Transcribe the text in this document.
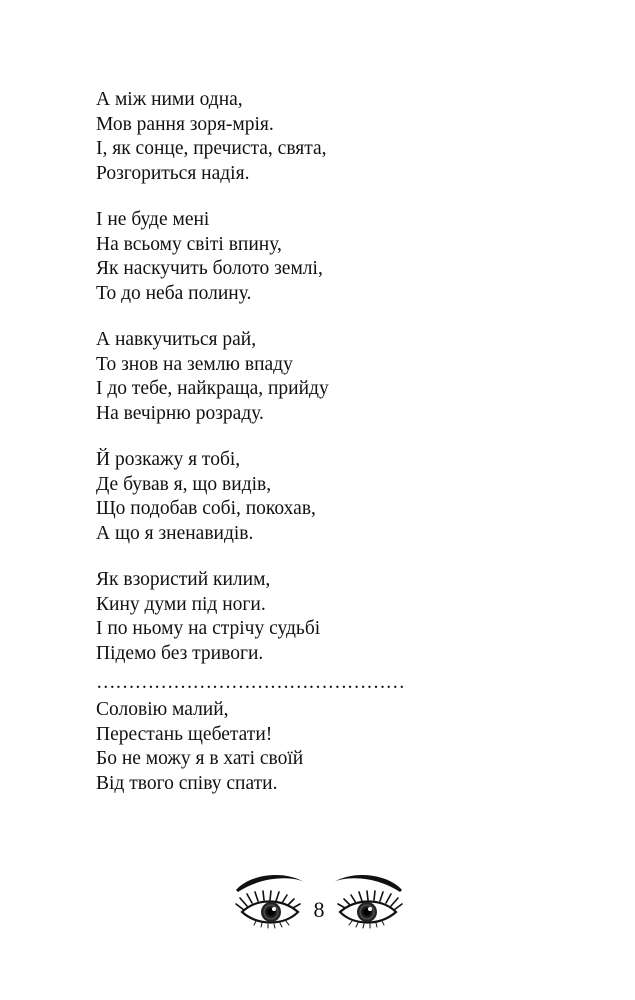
А між ними одна,
Мов рання зоря-мрія.
І, як сонце, пречиста, свята,
Розгориться надія.
І не буде мені
На всьому світі впину,
Як наскучить болото землі,
То до неба полину.
А навкучиться рай,
То знов на землю впаду
І до тебе, найкраща, прийду
На вечірню розраду.
Й розкажу я тобі,
Де бував я, що видів,
Що подобав собі, покохав,
А що я зненавидів.
Як взористий килим,
Кину думи під ноги.
І по ньому на стрічу судьбі
Підемо без тривоги.
…………………………………………
Соловію малий,
Перестань щебетати!
Бо не можу я в хаті своїй
Від твого співу спати.
8
